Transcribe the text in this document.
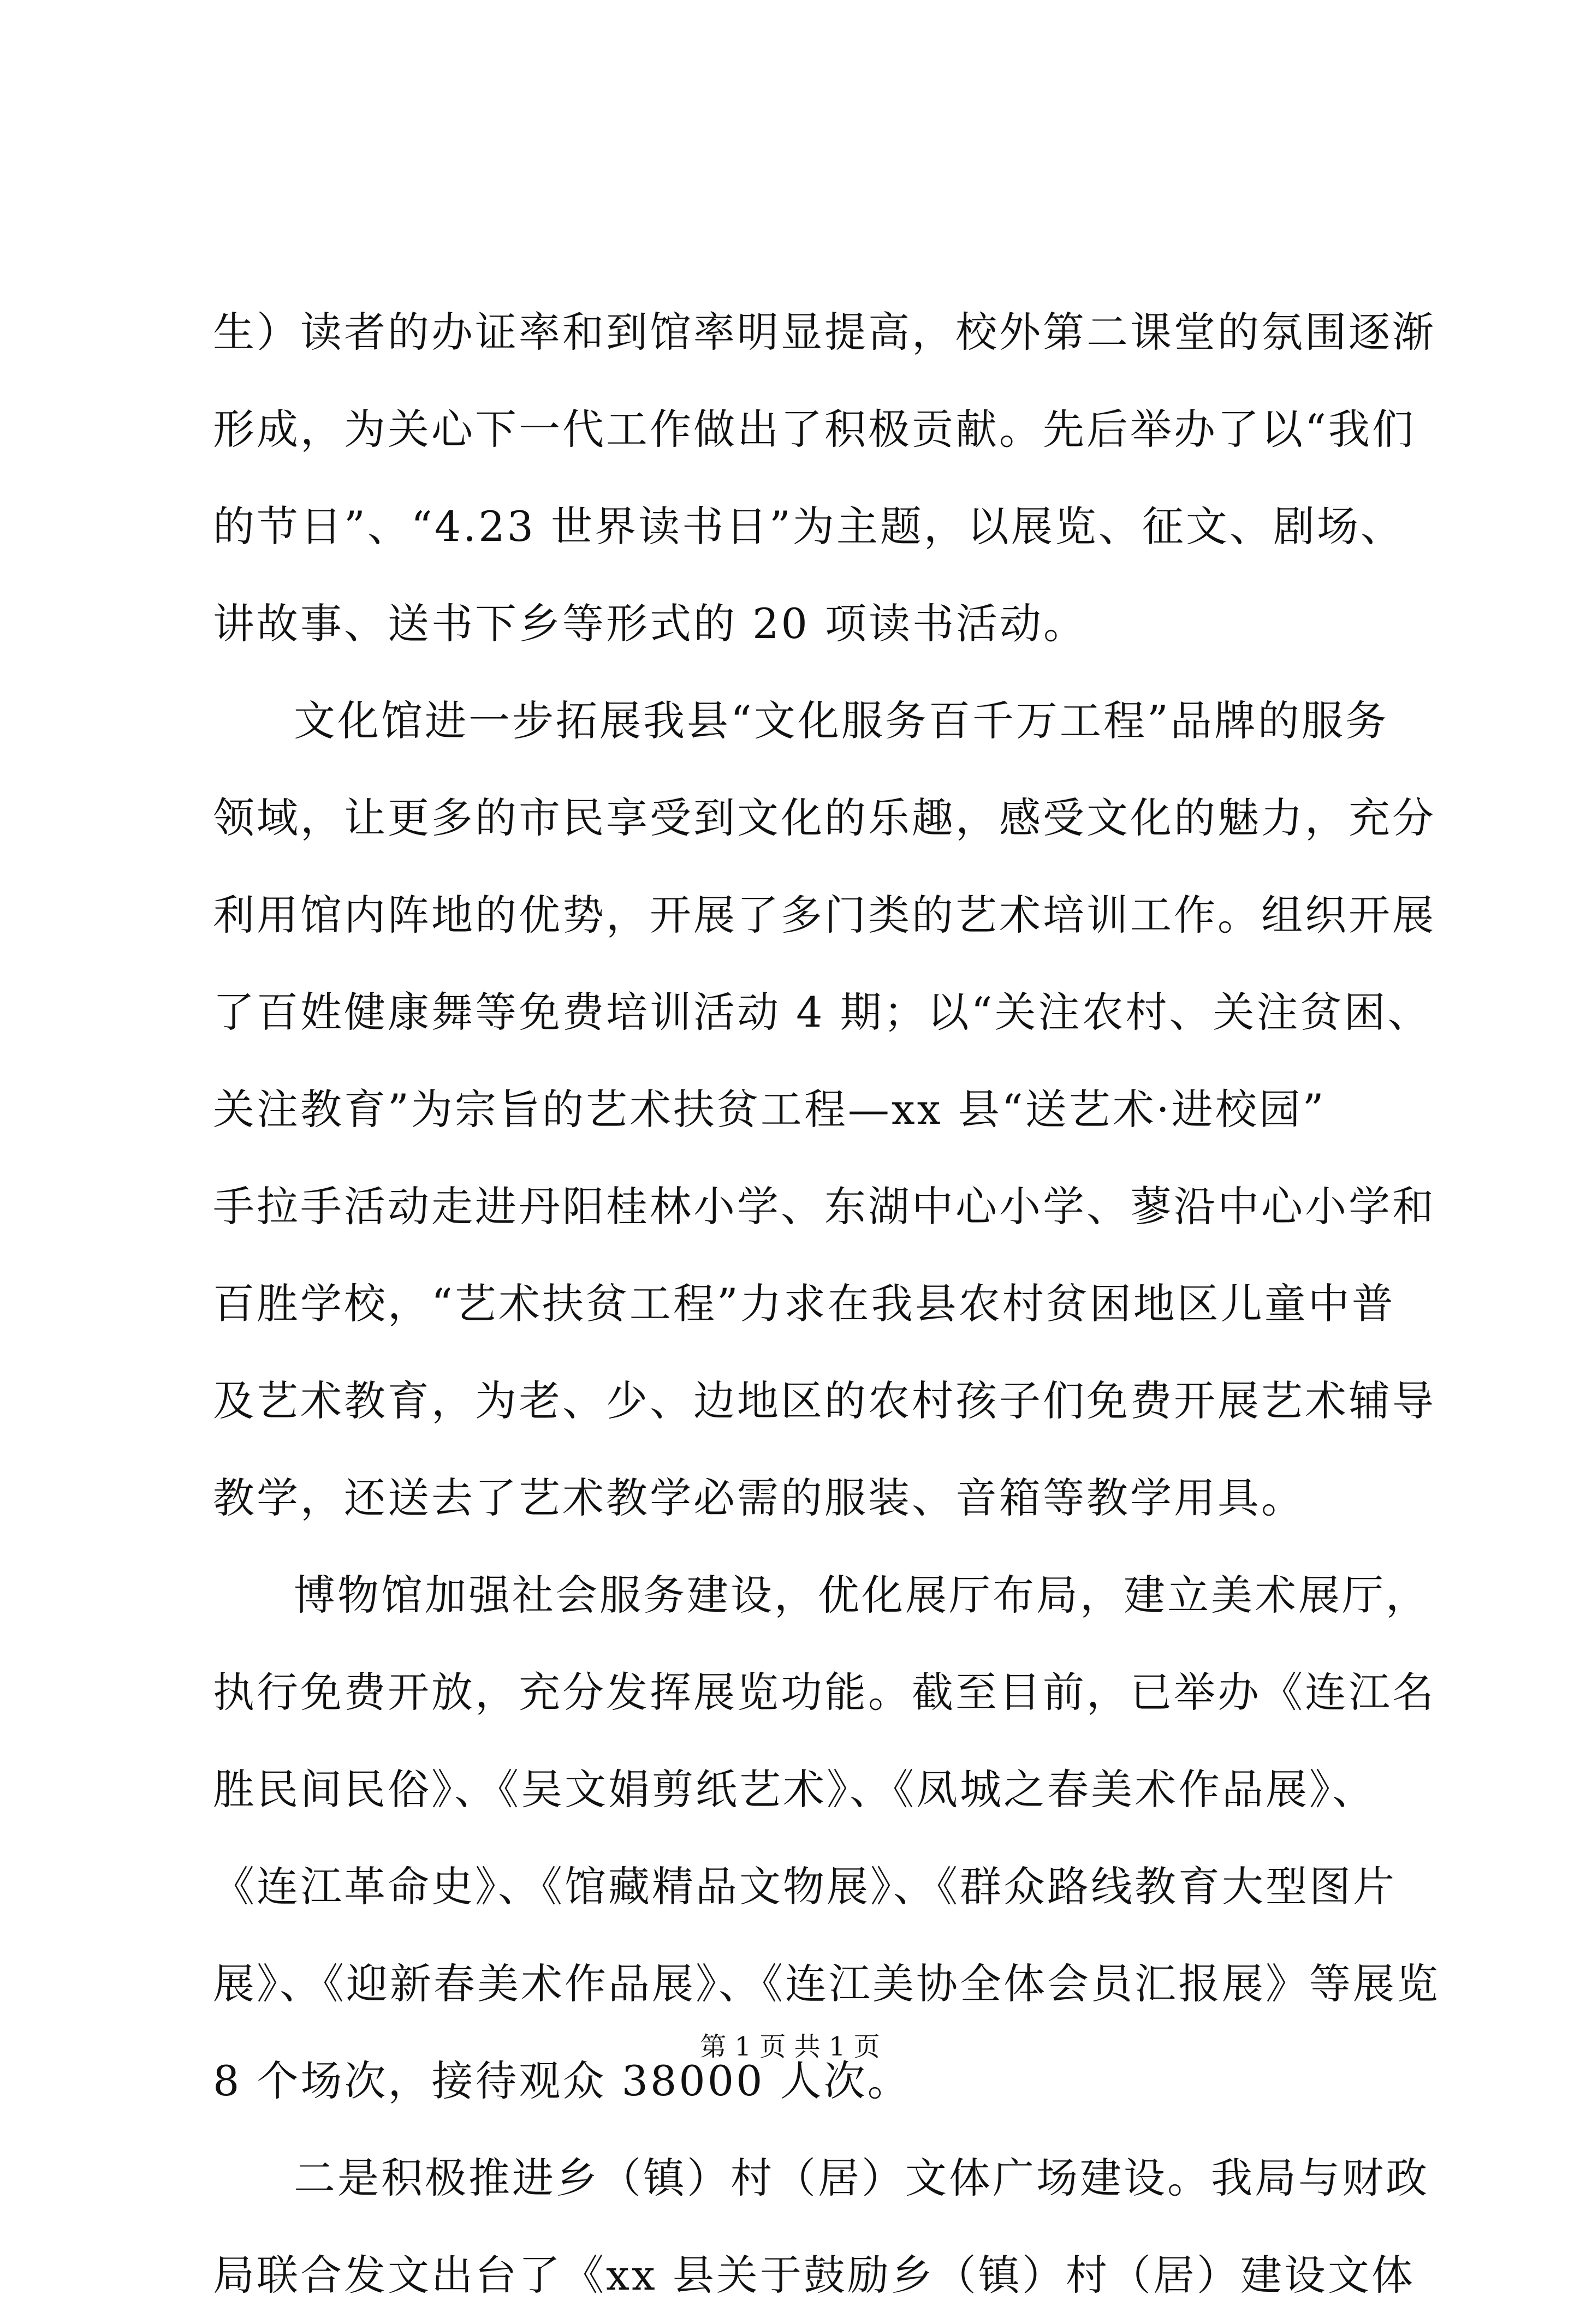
生）读者的办证率和到馆率明显提高，校外第二课堂的氛围逐渐
形成，为关心下一代工作做出了积极贡献。先后举办了以“我们
的节日”、“4.23 世界读书日”为主题，以展览、征文、剧场、
讲故事、送书下乡等形式的 20 项读书活动。
文化馆进一步拓展我县“文化服务百千万工程”品牌的服务
领域，让更多的市民享受到文化的乐趣，感受文化的魅力，充分
利用馆内阵地的优势，开展了多门类的艺术培训工作。组织开展
了百姓健康舞等免费培训活动 4 期；以“关注农村、关注贫困、
关注教育”为宗旨的艺术扶贫工程—xx 县“送艺术·进校园”
手拉手活动走进丹阳桂林小学、东湖中心小学、蓼沿中心小学和
百胜学校，“艺术扶贫工程”力求在我县农村贫困地区儿童中普
及艺术教育，为老、少、边地区的农村孩子们免费开展艺术辅导
教学，还送去了艺术教学必需的服装、音箱等教学用具。
博物馆加强社会服务建设，优化展厅布局，建立美术展厅，
执行免费开放，充分发挥展览功能。截至目前，已举办《连江名
胜民间民俗》、《吴文娟剪纸艺术》、《凤城之春美术作品展》、
《连江革命史》、《馆藏精品文物展》、《群众路线教育大型图片
展》、《迎新春美术作品展》、《连江美协全体会员汇报展》等展览
8 个场次，接待观众 38000 人次。
二是积极推进乡（镇）村（居）文体广场建设。我局与财政
局联合发文出台了《xx 县关于鼓励乡（镇）村（居）建设文体
第 1 页 共 1 页
